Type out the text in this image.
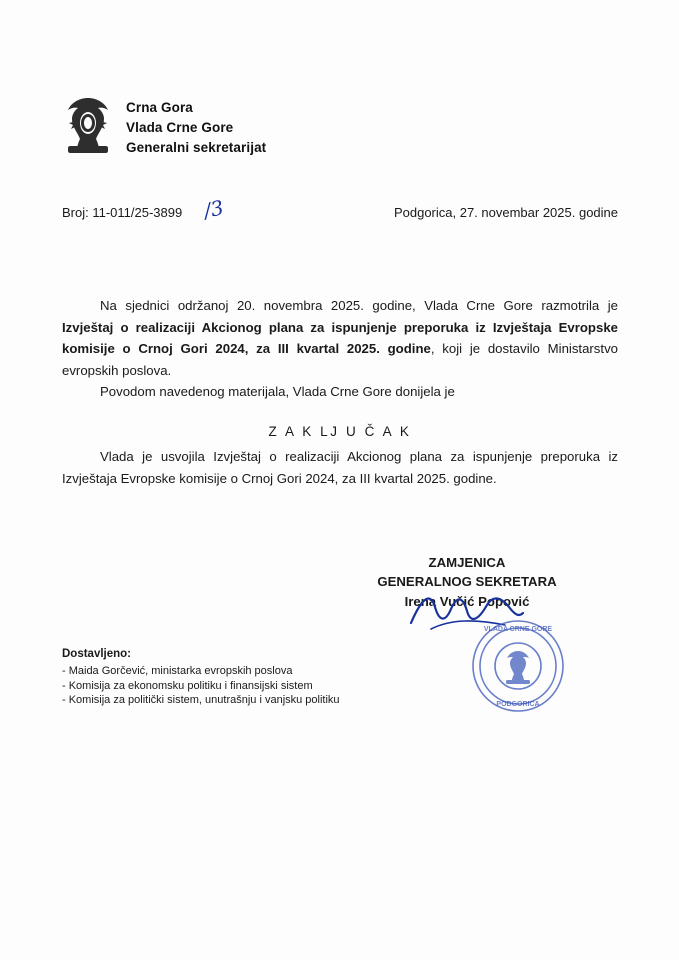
Crna Gora
Vlada Crne Gore
Generalni sekretarijat
Broj: 11-011/25-3899 /3	Podgorica, 27. novembar 2025. godine

Na sjednici održanoj 20. novembra 2025. godine, Vlada Crne Gore razmotrila je Izvještaj o realizaciji Akcionog plana za ispunjenje preporuka iz Izvještaja Evropske komisije o Crnoj Gori 2024, za III kvartal 2025. godine, koji je dostavilo Ministarstvo evropskih poslova.

Povodom navedenog materijala, Vlada Crne Gore donijela je

Z A K LJ U Č A K

Vlada je usvojila Izvještaj o realizaciji Akcionog plana za ispunjenje preporuka iz Izvještaja Evropske komisije o Crnoj Gori 2024, za III kvartal 2025. godine.

ZAMJENICA
GENERALNOG SEKRETARA
Irena Vučić Popović
VLADA CRNE GORE
PODGORICA
Dostavljeno:
- Maida Gorčević, ministarka evropskih poslova
- Komisija za ekonomsku politiku i finansijski sistem
- Komisija za politički sistem, unutrašnju i vanjsku politiku
